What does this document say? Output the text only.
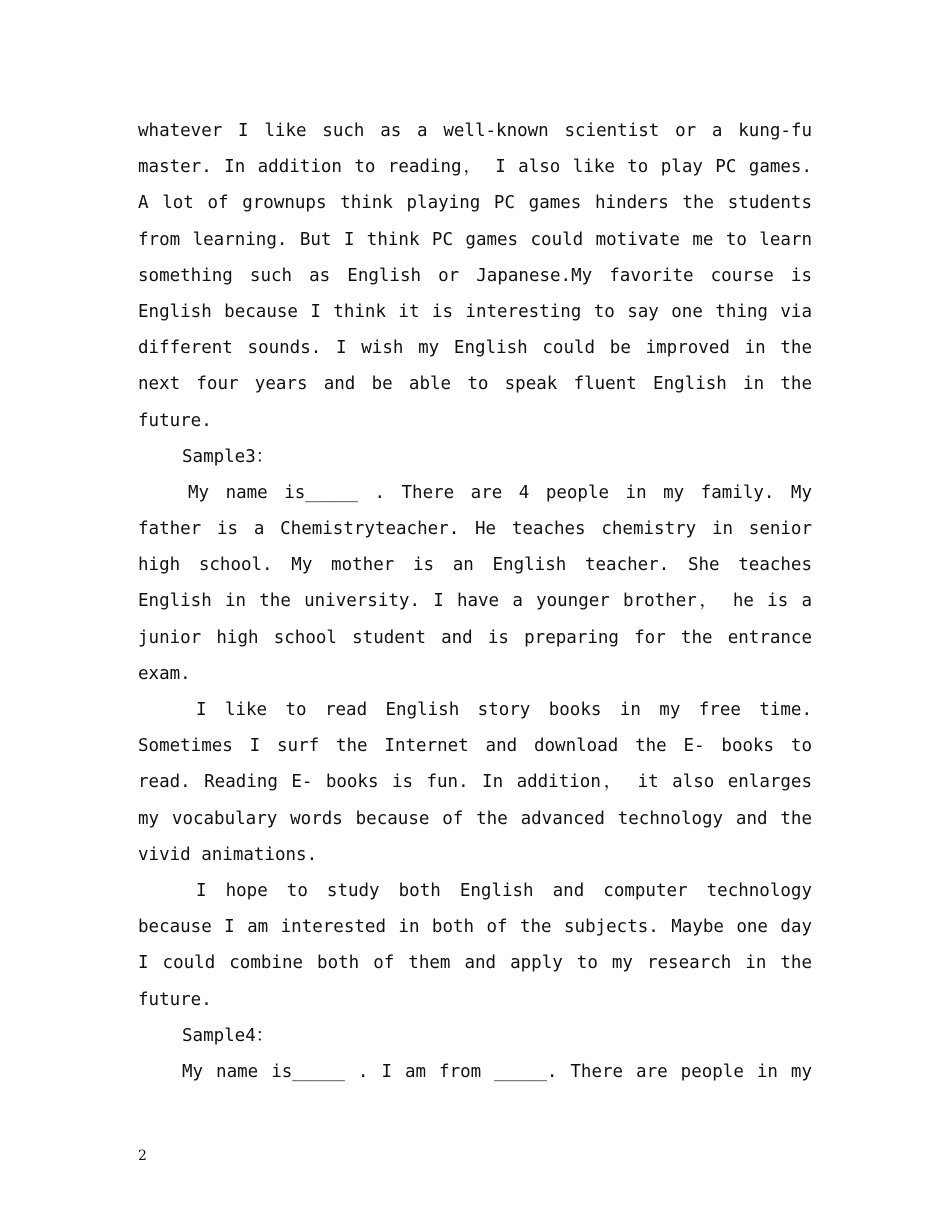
whatever I like such as a well-known scientist or a kung-fu
master. In addition to reading， I also like to play PC games.
A lot of grownups think playing PC games hinders the students
from learning. But I think PC games could motivate me to learn
something such as English or Japanese.My favorite course is
English because I think it is interesting to say one thing via
different sounds. I wish my English could be improved in the
next four years and be able to speak fluent English in the
future.
Sample3：
My name is_____ . There are 4 people in my family. My
father is a Chemistryteacher. He teaches chemistry in senior
high school. My mother is an English teacher. She teaches
English in the university. I have a younger brother， he is a
junior high school student and is preparing for the entrance
exam.
I like to read English story books in my free time.
Sometimes I surf the Internet and download the E- books to
read. Reading E- books is fun. In addition， it also enlarges
my vocabulary words because of the advanced technology and the
vivid animations.
I hope to study both English and computer technology
because I am interested in both of the subjects. Maybe one day
I could combine both of them and apply to my research in the
future.
Sample4：
My name is_____ . I am from _____. There are people in my
2
